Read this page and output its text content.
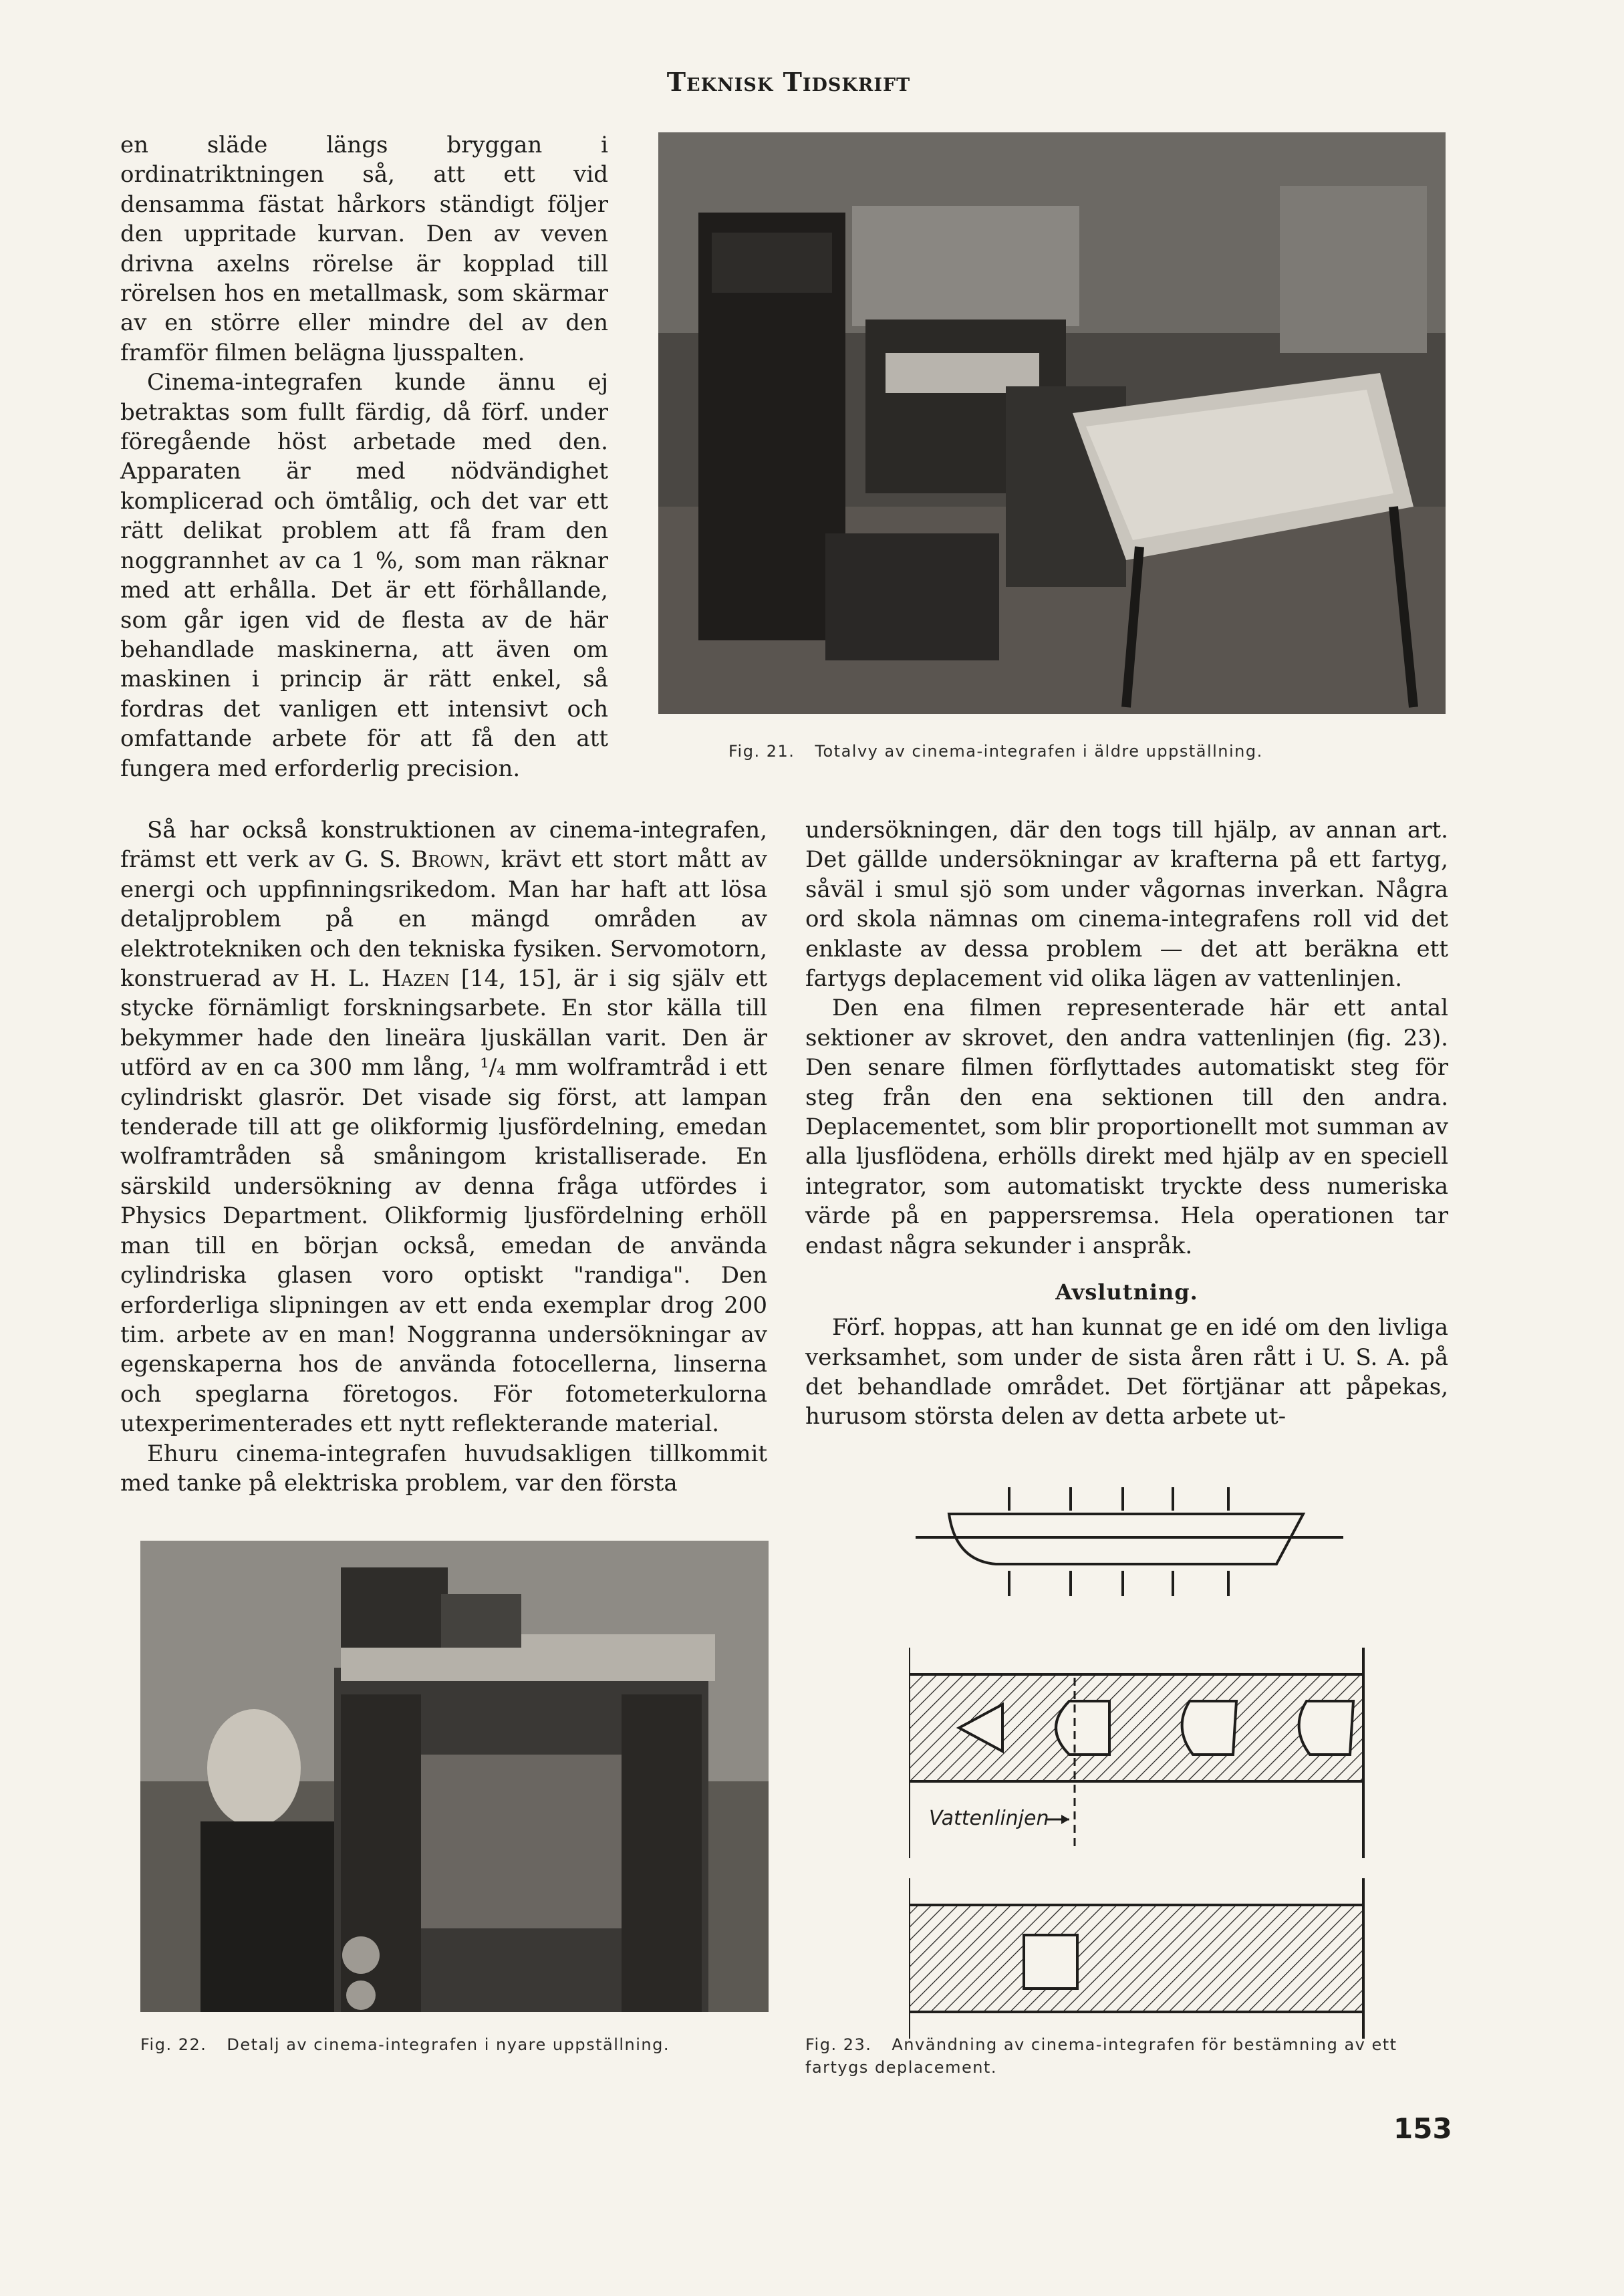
Teknisk Tidskrift

en släde längs bryggan i ordinatriktningen så, att ett vid densamma fästat hårkors ständigt följer den uppritade kurvan. Den av veven drivna axelns rörelse är kopplad till rörelsen hos en metallmask, som skärmar av en större eller mindre del av den framför filmen belägna ljusspalten.

Cinema-integrafen kunde ännu ej betraktas som fullt färdig, då förf. under föregående höst arbetade med den. Apparaten är med nödvändighet komplicerad och ömtålig, och det var ett rätt delikat problem att få fram den noggrannhet av ca 1 %, som man räknar med att erhålla. Det är ett förhållande, som går igen vid de flesta av de här behandlade maskinerna, att även om maskinen i princip är rätt enkel, så fordras det vanligen ett intensivt och omfattande arbete för att få den att fungera med erforderlig precision.

Fig. 21. Totalvy av cinema-integrafen i äldre uppställning.

Så har också konstruktionen av cinema-integrafen, främst ett verk av G. S. Brown, krävt ett stort mått av energi och uppfinningsrikedom. Man har haft att lösa detaljproblem på en mängd områden av elektrotekniken och den tekniska fysiken. Servomotorn, konstruerad av H. L. Hazen [14, 15], är i sig själv ett stycke förnämligt forskningsarbete. En stor källa till bekymmer hade den lineära ljuskällan varit. Den är utförd av en ca 300 mm lång, ¹/₄ mm wolframtråd i ett cylindriskt glasrör. Det visade sig först, att lampan tenderade till att ge olikformig ljusfördelning, emedan wolframtråden så småningom kristalliserade. En särskild undersökning av denna fråga utfördes i Physics Department. Olikformig ljusfördelning erhöll man till en början också, emedan de använda cylindriska glasen voro optiskt "randiga". Den erforderliga slipningen av ett enda exemplar drog 200 tim. arbete av en man! Noggranna undersökningar av egenskaperna hos de använda fotocellerna, linserna och speglarna företogos. För fotometerkulorna utexperimenterades ett nytt reflekterande material.

Ehuru cinema-integrafen huvudsakligen tillkommit med tanke på elektriska problem, var den första

undersökningen, där den togs till hjälp, av annan art. Det gällde undersökningar av krafterna på ett fartyg, såväl i smul sjö som under vågornas inverkan. Några ord skola nämnas om cinema-integrafens roll vid det enklaste av dessa problem — det att beräkna ett fartygs deplacement vid olika lägen av vattenlinjen.

Den ena filmen representerade här ett antal sektioner av skrovet, den andra vattenlinjen (fig. 23). Den senare filmen förflyttades automatiskt steg för steg från den ena sektionen till den andra. Deplacementet, som blir proportionellt mot summan av alla ljusflödena, erhölls direkt med hjälp av en speciell integrator, som automatiskt tryckte dess numeriska värde på en pappersremsa. Hela operationen tar endast några sekunder i anspråk.

Avslutning.

Förf. hoppas, att han kunnat ge en idé om den livliga verksamhet, som under de sista åren rått i U. S. A. på det behandlade området. Det förtjänar att påpekas, hurusom största delen av detta arbete ut-

Fig. 22. Detalj av cinema-integrafen i nyare uppställning.
Vattenlinjen
Fig. 23. Användning av cinema-integrafen för bestämning av ett fartygs deplacement.
153
